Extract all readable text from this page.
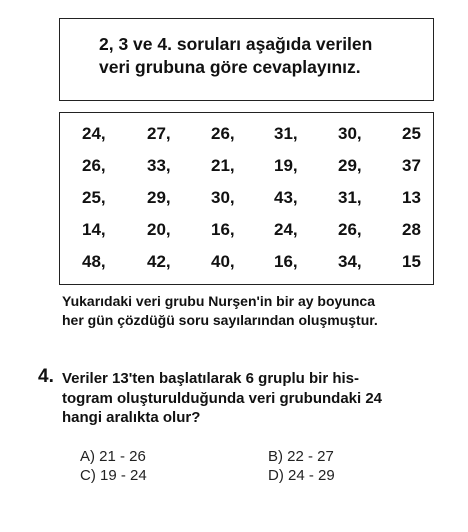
2, 3 ve 4. soruları aşağıda verilen
veri grubuna göre cevaplayınız.
24, 27, 26, 31, 30, 25
26, 33, 21, 19, 29, 37
25, 29, 30, 43, 31, 13
14, 20, 16, 24, 26, 28
48, 42, 40, 16, 34, 15
Yukarıdaki veri grubu Nurşen'in bir ay boyunca
her gün çözdüğü soru sayılarından oluşmuştur.
4. Veriler 13'ten başlatılarak 6 gruplu bir his-
togram oluşturulduğunda veri grubundaki 24
hangi aralıkta olur?
A) 21 - 26	B) 22 - 27
C) 19 - 24	D) 24 - 29
